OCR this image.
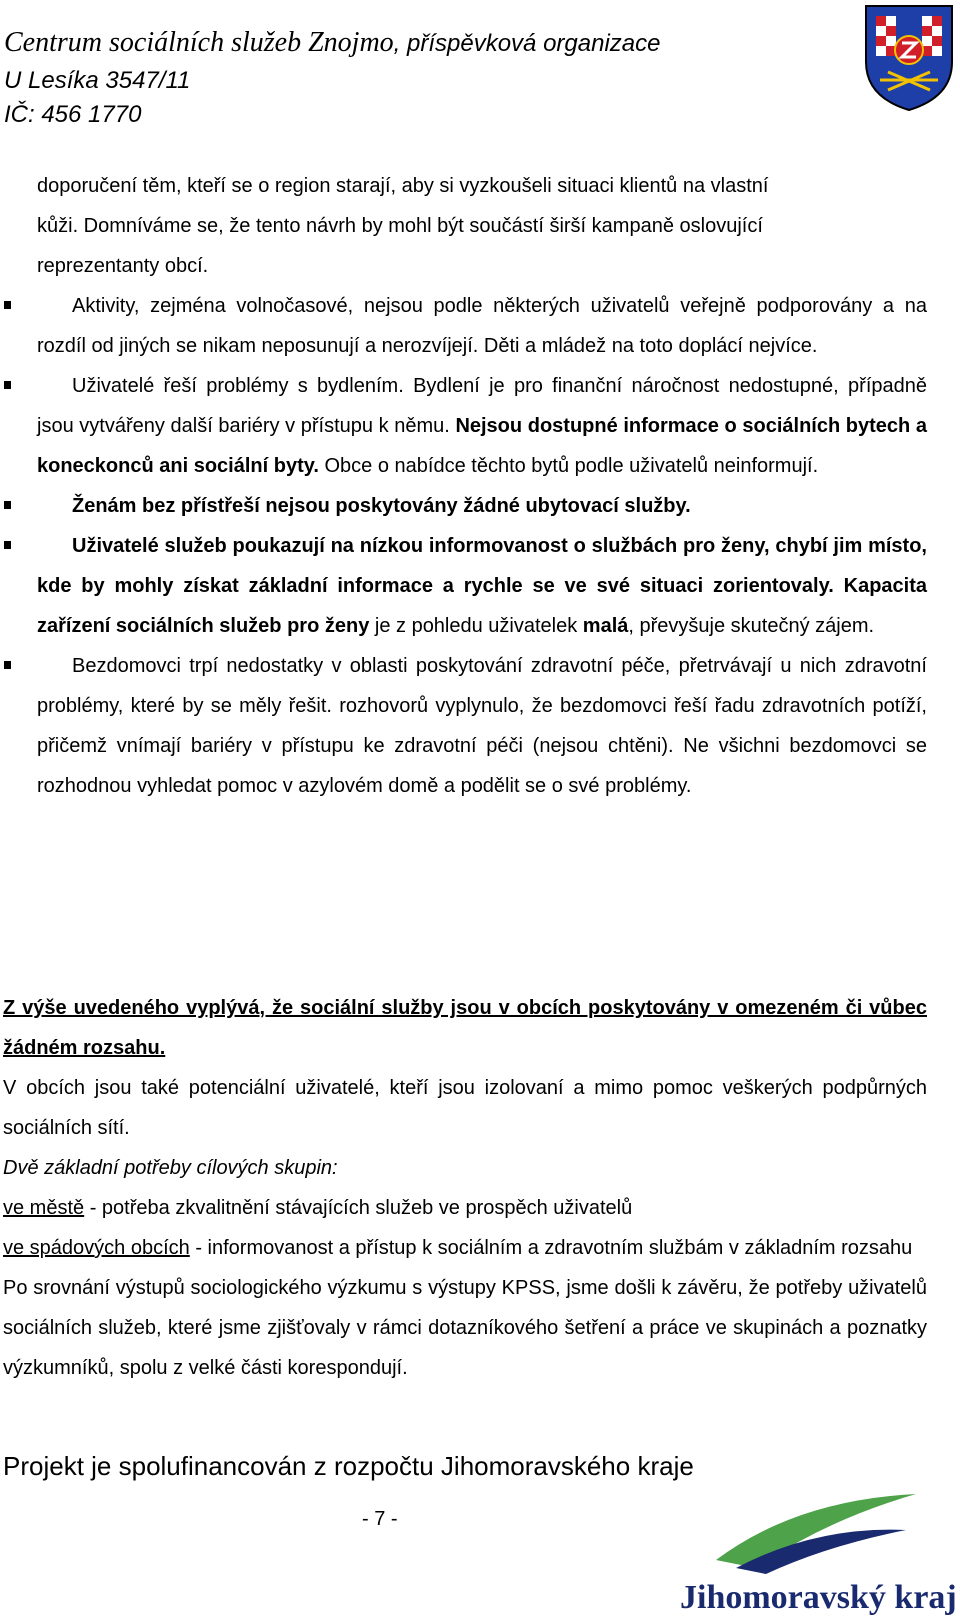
Centrum sociálních služeb Znojmo, příspěvková organizace
U Lesíka 3547/11
IČ: 456 1770

doporučení těm, kteří se o region starají, aby si vyzkoušeli situaci klientů na vlastní
kůži. Domníváme se, že tento návrh by mohl být součástí širší kampaně oslovující
reprezentanty obcí.

Aktivity, zejména volnočasové, nejsou podle některých uživatelů veřejně podporovány a na rozdíl od jiných se nikam neposunují a nerozvíjejí. Děti a mládež na toto doplácí nejvíce.

Uživatelé řeší problémy s bydlením. Bydlení je pro finanční náročnost nedostupné, případně jsou vytvářeny další bariéry v přístupu k němu. Nejsou dostupné informace o sociálních bytech a koneckonců ani sociální byty. Obce o nabídce těchto bytů podle uživatelů neinformují.

Ženám bez přístřeší nejsou poskytovány žádné ubytovací služby.

Uživatelé služeb poukazují na nízkou informovanost o službách pro ženy, chybí jim místo, kde by mohly získat základní informace a rychle se ve své situaci zorientovaly. Kapacita zařízení sociálních služeb pro ženy je z pohledu uživatelek malá, převyšuje skutečný zájem.

Bezdomovci trpí nedostatky v oblasti poskytování zdravotní péče, přetrvávají u nich zdravotní problémy, které by se měly řešit. rozhovorů vyplynulo, že bezdomovci řeší řadu zdravotních potíží, přičemž vnímají bariéry v přístupu ke zdravotní péči (nejsou chtěni). Ne všichni bezdomovci se rozhodnou vyhledat pomoc v azylovém domě a podělit se o své problémy.

Z výše uvedeného vyplývá, že sociální služby jsou v obcích poskytovány v omezeném či vůbec žádném rozsahu.

V obcích jsou také potenciální uživatelé, kteří jsou izolovaní a mimo pomoc veškerých podpůrných sociálních sítí.

Dvě základní potřeby cílových skupin:

ve městě - potřeba zkvalitnění stávajících služeb ve prospěch uživatelů

ve spádových obcích - informovanost a přístup k sociálním a zdravotním službám v základním rozsahu

Po srovnání výstupů sociologického výzkumu s výstupy KPSS, jsme došli k závěru, že potřeby uživatelů sociálních služeb, které jsme zjišťovaly v rámci dotazníkového šetření a práce ve skupinách a poznatky výzkumníků, spolu z velké části korespondují.

Projekt je spolufinancován z rozpočtu Jihomoravského kraje
- 7 -
Jihomoravský kraj
